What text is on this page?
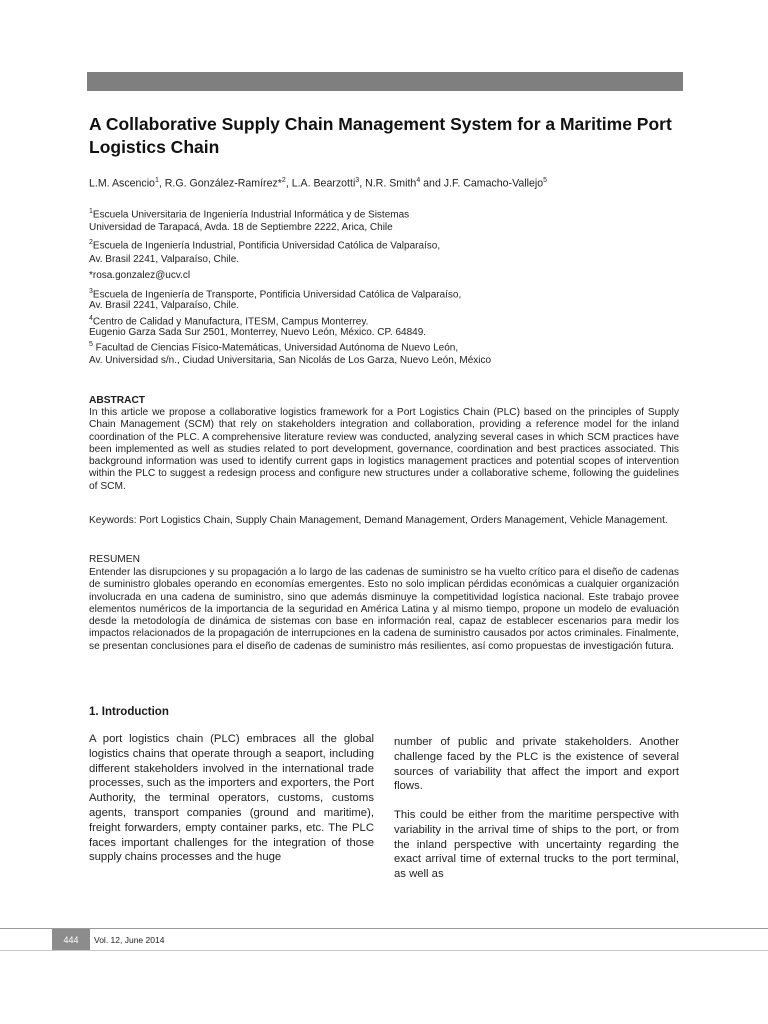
A Collaborative Supply Chain Management System for a Maritime Port Logistics Chain
L.M. Ascencio$^1$, R.G. González-Ramírez*$^2$, L.A. Bearzotti$^3$, N.R. Smith$^4$ and J.F. Camacho-Vallejo$^5$
$^1$Escuela Universitaria de Ingeniería Industrial Informática y de Sistemas
Universidad de Tarapacá, Avda. 18 de Septiembre 2222, Arica, Chile
$^2$Escuela de Ingeniería Industrial, Pontificia Universidad Católica de Valparaíso,
Av. Brasil 2241, Valparaíso, Chile.
*rosa.gonzalez@ucv.cl
$^3$Escuela de Ingeniería de Transporte, Pontificia Universidad Católica de Valparaíso,
Av. Brasil 2241, Valparaíso, Chile.
$^4$Centro de Calidad y Manufactura, ITESM, Campus Monterrey.
Eugenio Garza Sada Sur 2501, Monterrey, Nuevo León, México. CP. 64849.
$^5$ Facultad de Ciencias Físico-Matemáticas, Universidad Autónoma de Nuevo León,
Av. Universidad s/n., Ciudad Universitaria, San Nicolás de Los Garza, Nuevo León, México
ABSTRACT
In this article we propose a collaborative logistics framework for a Port Logistics Chain (PLC) based on the principles of Supply Chain Management (SCM) that rely on stakeholders integration and collaboration, providing a reference model for the inland coordination of the PLC. A comprehensive literature review was conducted, analyzing several cases in which SCM practices have been implemented as well as studies related to port development, governance, coordination and best practices associated. This background information was used to identify current gaps in logistics management practices and potential scopes of intervention within the PLC to suggest a redesign process and configure new structures under a collaborative scheme, following the guidelines of SCM.
Keywords: Port Logistics Chain, Supply Chain Management, Demand Management, Orders Management, Vehicle Management.
RESUMEN
Entender las disrupciones y su propagación a lo largo de las cadenas de suministro se ha vuelto crítico para el diseño de cadenas de suministro globales operando en economías emergentes. Esto no solo implican pérdidas económicas a cualquier organización involucrada en una cadena de suministro, sino que además disminuye la competitividad logística nacional. Este trabajo provee elementos numéricos de la importancia de la seguridad en América Latina y al mismo tiempo, propone un modelo de evaluación desde la metodología de dinámica de sistemas con base en información real, capaz de establecer escenarios para medir los impactos relacionados de la propagación de interrupciones en la cadena de suministro causados por actos criminales. Finalmente, se presentan conclusiones para el diseño de cadenas de suministro más resilientes, así como propuestas de investigación futura.
1. Introduction
A port logistics chain (PLC) embraces all the global logistics chains that operate through a seaport, including different stakeholders involved in the international trade processes, such as the importers and exporters, the Port Authority, the terminal operators, customs, customs agents, transport companies (ground and maritime), freight forwarders, empty container parks, etc. The PLC faces important challenges for the integration of those supply chains processes and the huge
number of public and private stakeholders. Another challenge faced by the PLC is the existence of several sources of variability that affect the import and export flows.
This could be either from the maritime perspective with variability in the arrival time of ships to the port, or from the inland perspective with uncertainty regarding the exact arrival time of external trucks to the port terminal, as well as
444	Vol. 12, June 2014
